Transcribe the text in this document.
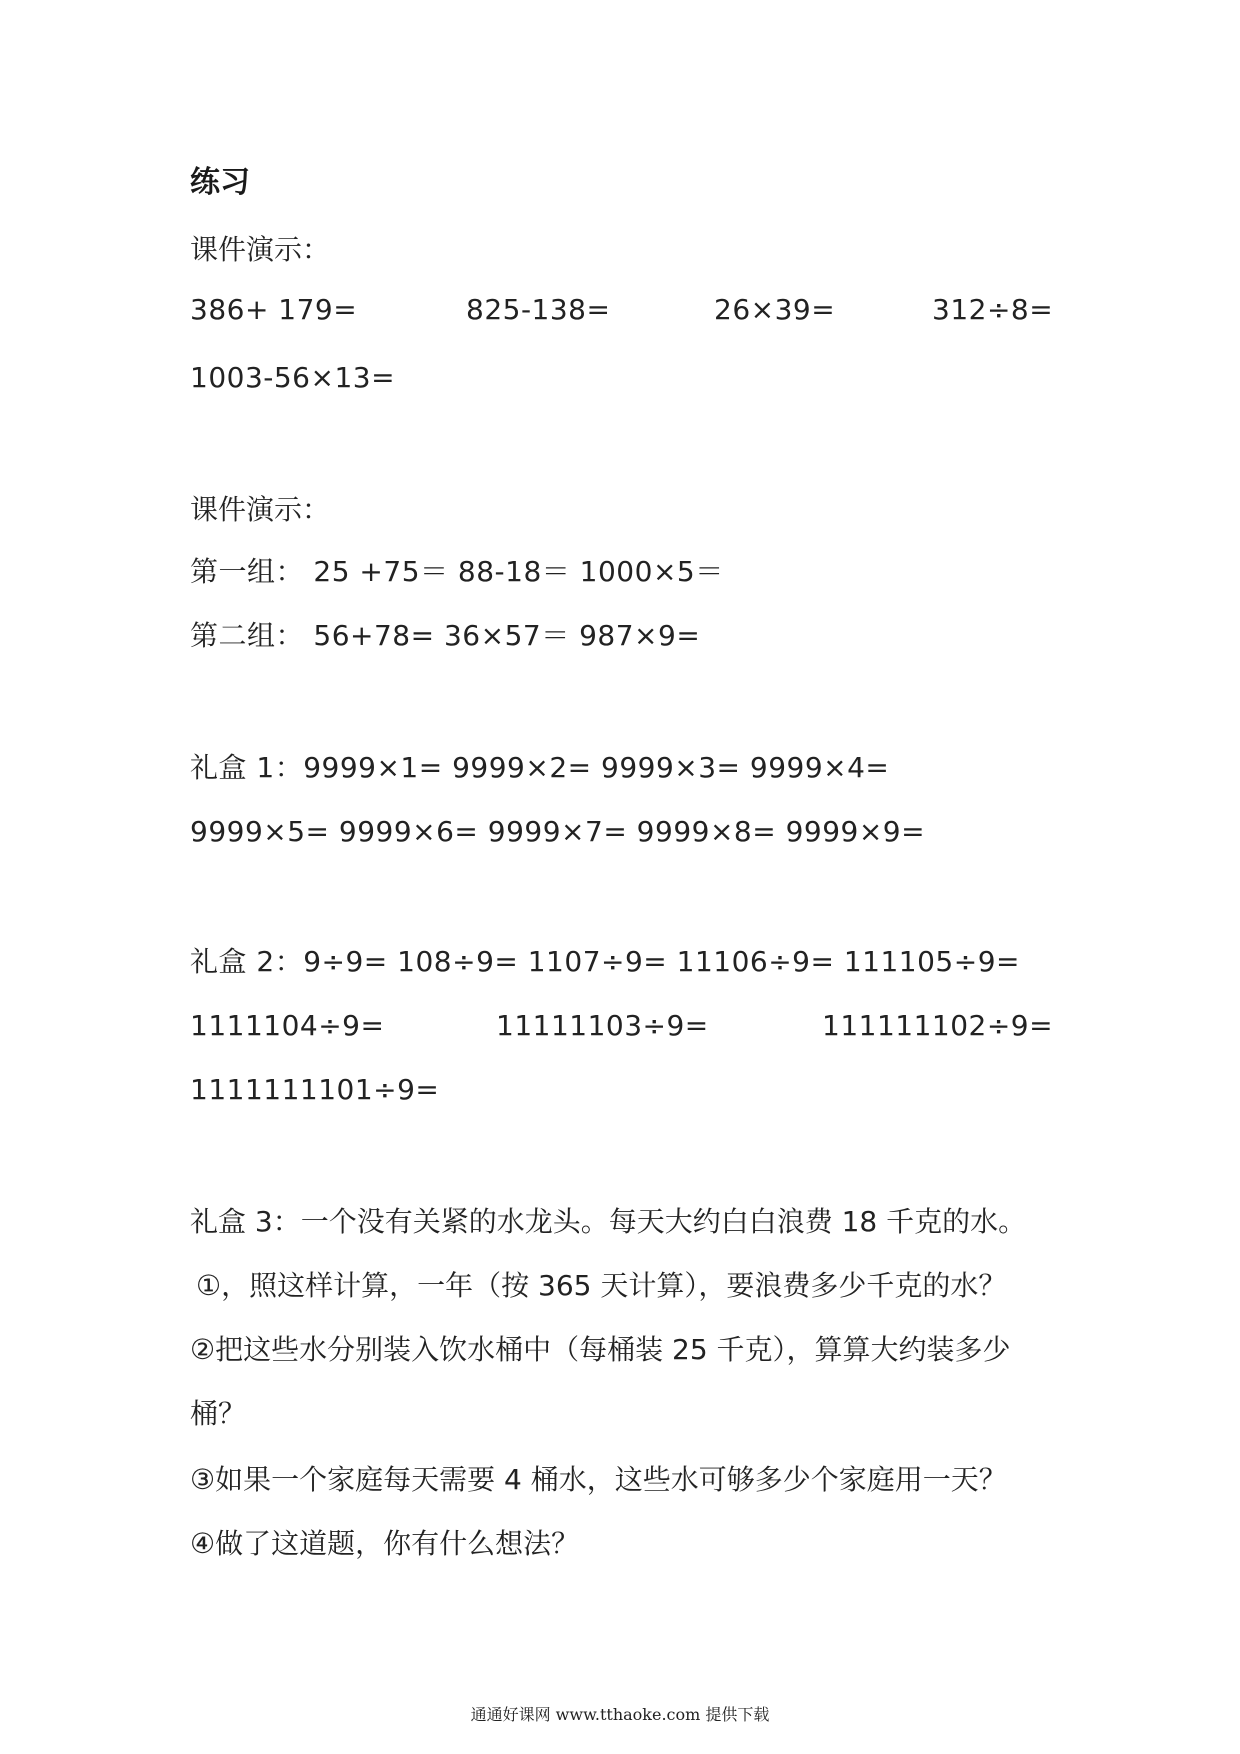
练习
课件演示：
386+ 179=	825-138=	26×39=	312÷8=
1003-56×13=
课件演示：
第一组： 25 +75＝ 88-18＝ 1000×5＝
第二组： 56+78= 36×57＝ 987×9=
礼盒 1：9999×1= 9999×2= 9999×3= 9999×4=
9999×5= 9999×6= 9999×7= 9999×8= 9999×9=
礼盒 2：9÷9= 108÷9= 1107÷9= 11106÷9= 111105÷9=
1111104÷9=	11111103÷9=	111111102÷9=
1111111101÷9=
礼盒 3：一个没有关紧的水龙头。每天大约白白浪费 18 千克的水。
①，照这样计算，一年（按 365 天计算），要浪费多少千克的水？
②把这些水分别装入饮水桶中（每桶装 25 千克），算算大约装多少
桶？
③如果一个家庭每天需要 4 桶水，这些水可够多少个家庭用一天？
④做了这道题，你有什么想法？
通通好课网 www.tthaoke.com 提供下载
